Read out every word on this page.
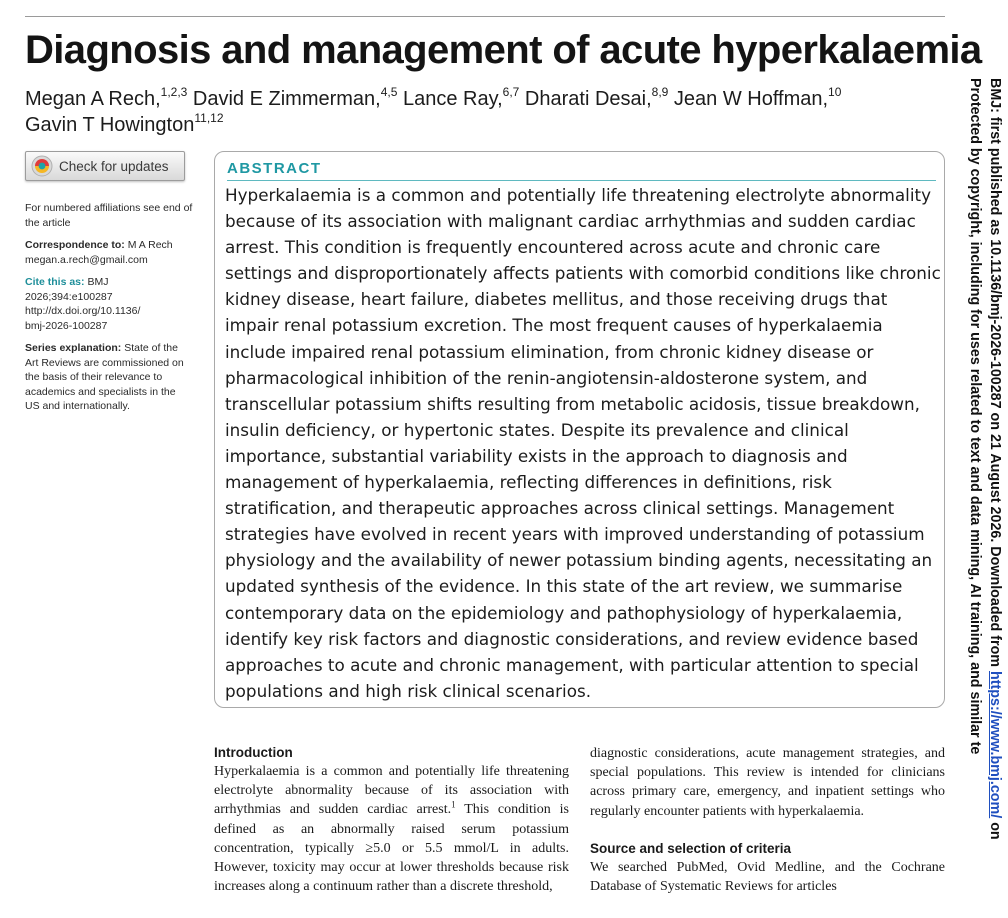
Diagnosis and management of acute hyperkalaemia
Megan A Rech,$^{1,2,3}$ David E Zimmerman,$^{4,5}$ Lance Ray,$^{6,7}$ Dharati Desai,$^{8,9}$ Jean W Hoffman,$^{10}$
Gavin T Howington$^{11,12}$
Check for updates

For numbered affiliations see end of the article

Correspondence to: M A Rech
megan.a.rech@gmail.com

Cite this as: BMJ 2026;394:e100287
http://dx.doi.org/10.1136/
bmj-2026-100287

Series explanation: State of the Art Reviews are commissioned on the basis of their relevance to academics and specialists in the US and internationally.

ABSTRACT

Hyperkalaemia is a common and potentially life threatening electrolyte abnormality because of its association with malignant cardiac arrhythmias and sudden cardiac arrest. This condition is frequently encountered across acute and chronic care settings and disproportionately affects patients with comorbid conditions like chronic kidney disease, heart failure, diabetes mellitus, and those receiving drugs that impair renal potassium excretion. The most frequent causes of hyperkalaemia include impaired renal potassium elimination, from chronic kidney disease or pharmacological inhibition of the renin-angiotensin-aldosterone system, and transcellular potassium shifts resulting from metabolic acidosis, tissue breakdown, insulin deficiency, or hypertonic states. Despite its prevalence and clinical importance, substantial variability exists in the approach to diagnosis and management of hyperkalaemia, reflecting differences in definitions, risk stratification, and therapeutic approaches across clinical settings. Management strategies have evolved in recent years with improved understanding of potassium physiology and the availability of newer potassium binding agents, necessitating an updated synthesis of the evidence. In this state of the art review, we summarise contemporary data on the epidemiology and pathophysiology of hyperkalaemia, identify key risk factors and diagnostic considerations, and review evidence based approaches to acute and chronic management, with particular attention to special populations and high risk clinical scenarios.

Introduction

Hyperkalaemia is a common and potentially life threatening electrolyte abnormality because of its association with arrhythmias and sudden cardiac arrest.$^1$ This condition is defined as an abnormally raised serum potassium concentration, typically ≥5.0 or 5.5 mmol/L in adults. However, toxicity may occur at lower thresholds because risk increases along a continuum rather than a discrete threshold,

diagnostic considerations, acute management strategies, and special populations. This review is intended for clinicians across primary care, emergency, and inpatient settings who regularly encounter patients with hyperkalaemia.

Source and selection of criteria

We searched PubMed, Ovid Medline, and the Cochrane Database of Systematic Reviews for articles

BMJ: first published as 10.1136/bmj-2026-100287 on 21 August 2026. Downloaded from https://www.bmj.com/ on
Protected by copyright, including for uses related to text and data mining, AI training, and similar te
